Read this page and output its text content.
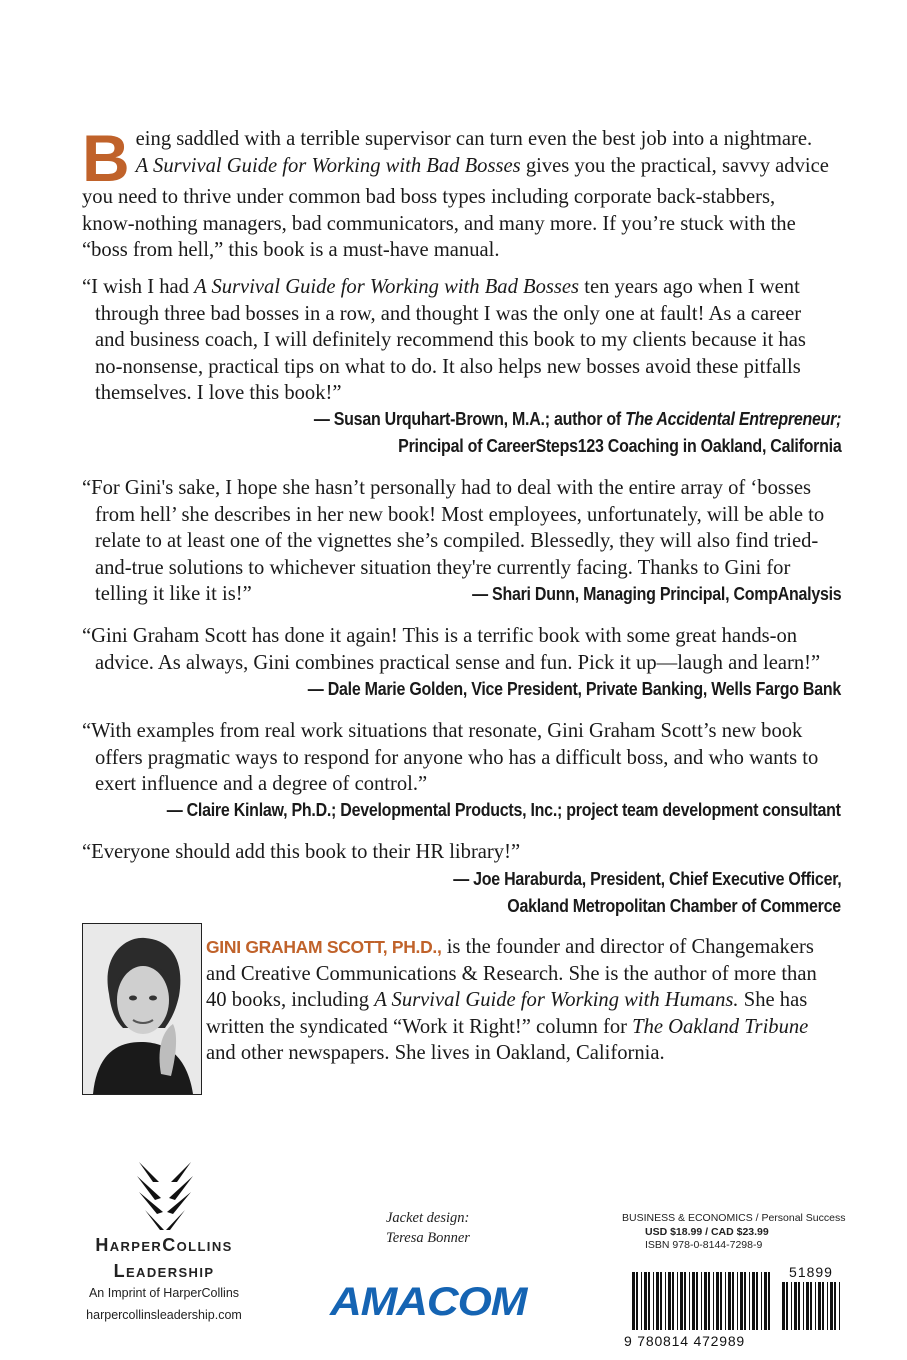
B eing saddled with a terrible supervisor can turn even the best job into a nightmare.
A Survival Guide for Working with Bad Bosses gives you the practical, savvy advice
you need to thrive under common bad boss types including corporate back-stabbers,
know-nothing managers, bad communicators, and many more. If you’re stuck with the
“boss from hell,” this book is a must-have manual.
“I wish I had A Survival Guide for Working with Bad Bosses ten years ago when I went
through three bad bosses in a row, and thought I was the only one at fault! As a career
and business coach, I will definitely recommend this book to my clients because it has
no-nonsense, practical tips on what to do. It also helps new bosses avoid these pitfalls
themselves. I love this book!”
— Susan Urquhart-Brown, M.A.; author of The Accidental Entrepreneur;
Principal of CareerSteps123 Coaching in Oakland, California
“For Gini's sake, I hope she hasn’t personally had to deal with the entire array of ‘bosses
from hell’ she describes in her new book! Most employees, unfortunately, will be able to
relate to at least one of the vignettes she’s compiled. Blessedly, they will also find tried-
and-true solutions to whichever situation they're currently facing. Thanks to Gini for
telling it like it is!”	— Shari Dunn, Managing Principal, CompAnalysis
“Gini Graham Scott has done it again! This is a terrific book with some great hands-on
advice. As always, Gini combines practical sense and fun. Pick it up—laugh and learn!”
— Dale Marie Golden, Vice President, Private Banking, Wells Fargo Bank
“With examples from real work situations that resonate, Gini Graham Scott’s new book
offers pragmatic ways to respond for anyone who has a difficult boss, and who wants to
exert influence and a degree of control.”
— Claire Kinlaw, Ph.D.; Developmental Products, Inc.; project team development consultant
“Everyone should add this book to their HR library!”
— Joe Haraburda, President, Chief Executive Officer,
Oakland Metropolitan Chamber of Commerce
GINI GRAHAM SCOTT, PH.D., is the founder and director of Changemakers
and Creative Communications & Research. She is the author of more than
40 books, including A Survival Guide for Working with Humans. She has
written the syndicated “Work it Right!” column for The Oakland Tribune
and other newspapers. She lives in Oakland, California.
HarperCollins
Leadership
An Imprint of HarperCollins
harpercollinsleadership.com
Jacket design:
Teresa Bonner
AMACOM
BUSINESS & ECONOMICS / Personal Success
USD $18.99 / CAD $23.99
ISBN 978-0-8144-7298-9
51899
9 780814 472989
